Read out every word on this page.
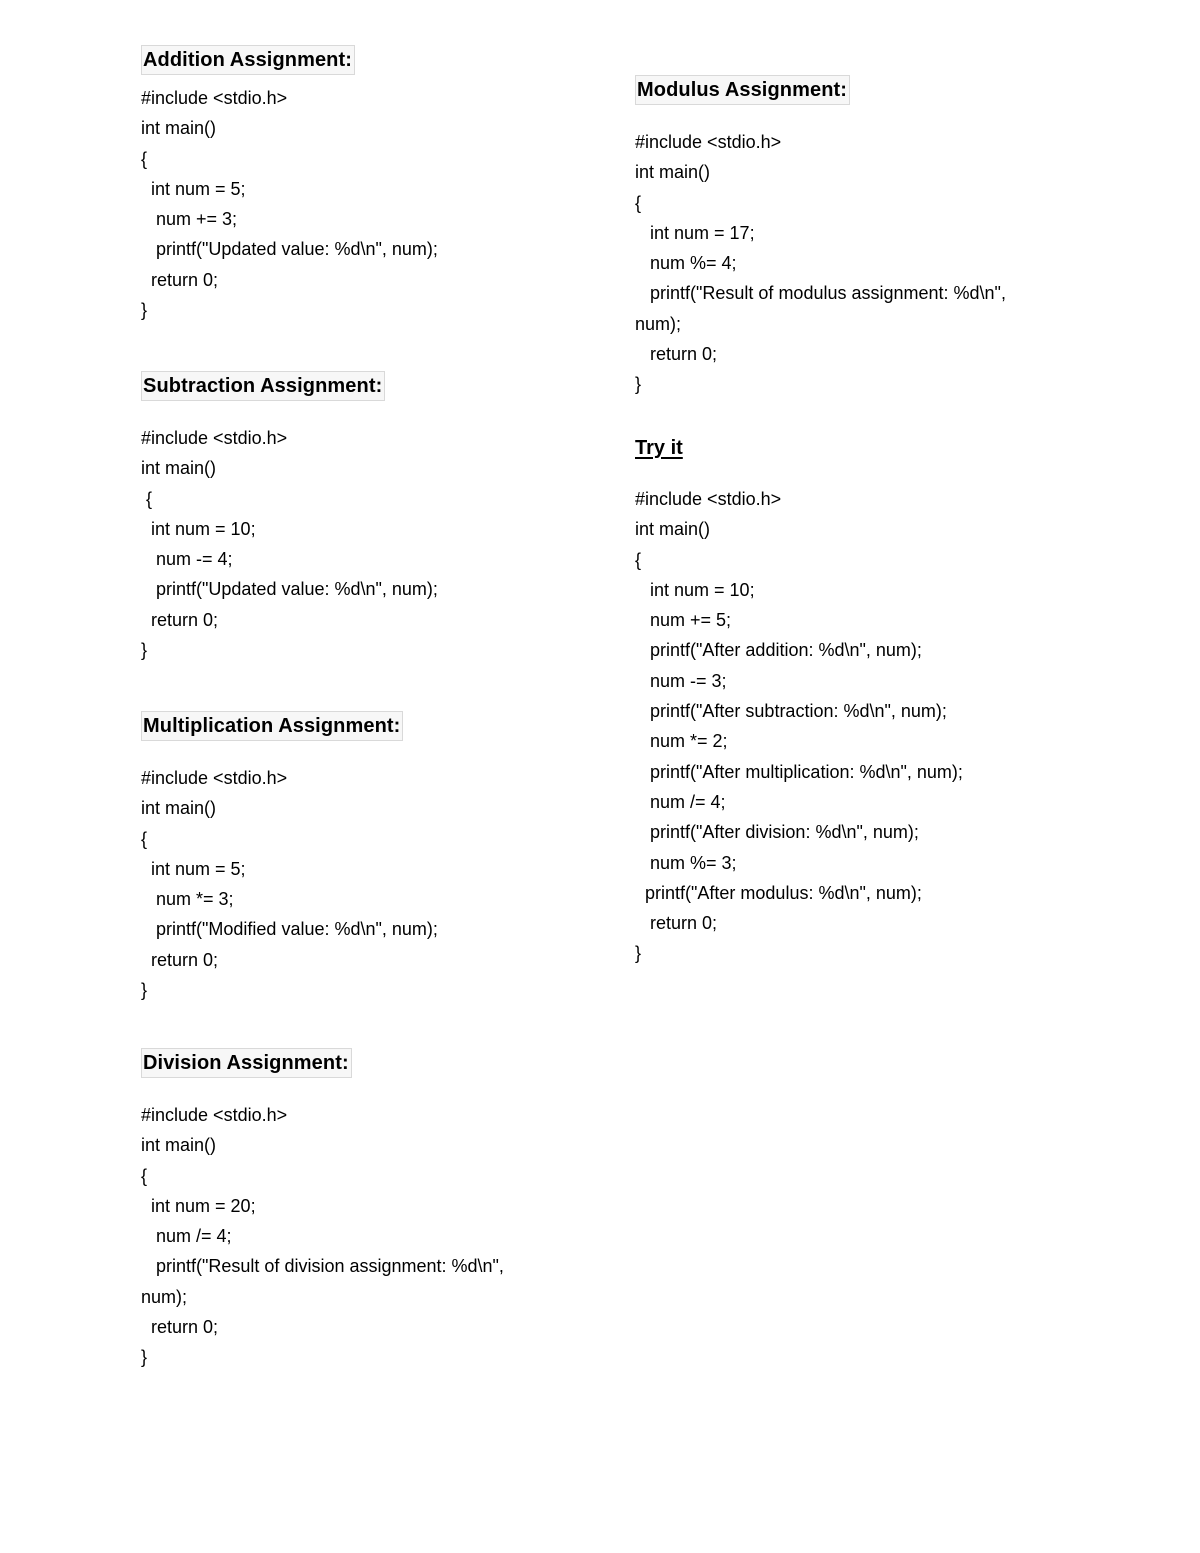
Addition Assignment:
#include <stdio.h>
int main()
{
int num = 5;
num += 3;
printf("Updated value: %d\n", num);
return 0;
}
Subtraction Assignment:
#include <stdio.h>
int main()
{
int num = 10;
num -= 4;
printf("Updated value: %d\n", num);
return 0;
}
Multiplication Assignment:
#include <stdio.h>
int main()
{
int num = 5;
num *= 3;
printf("Modified value: %d\n", num);
return 0;
}
Division Assignment:
#include <stdio.h>
int main()
{
int num = 20;
num /= 4;
printf("Result of division assignment: %d\n",
num);
return 0;
}
Modulus Assignment:
#include <stdio.h>
int main()
{
int num = 17;
num %= 4;
printf("Result of modulus assignment: %d\n",
num);
return 0;
}
Try it
#include <stdio.h>
int main()
{
int num = 10;
num += 5;
printf("After addition: %d\n", num);
num -= 3;
printf("After subtraction: %d\n", num);
num *= 2;
printf("After multiplication: %d\n", num);
num /= 4;
printf("After division: %d\n", num);
num %= 3;
printf("After modulus: %d\n", num);
return 0;
}
